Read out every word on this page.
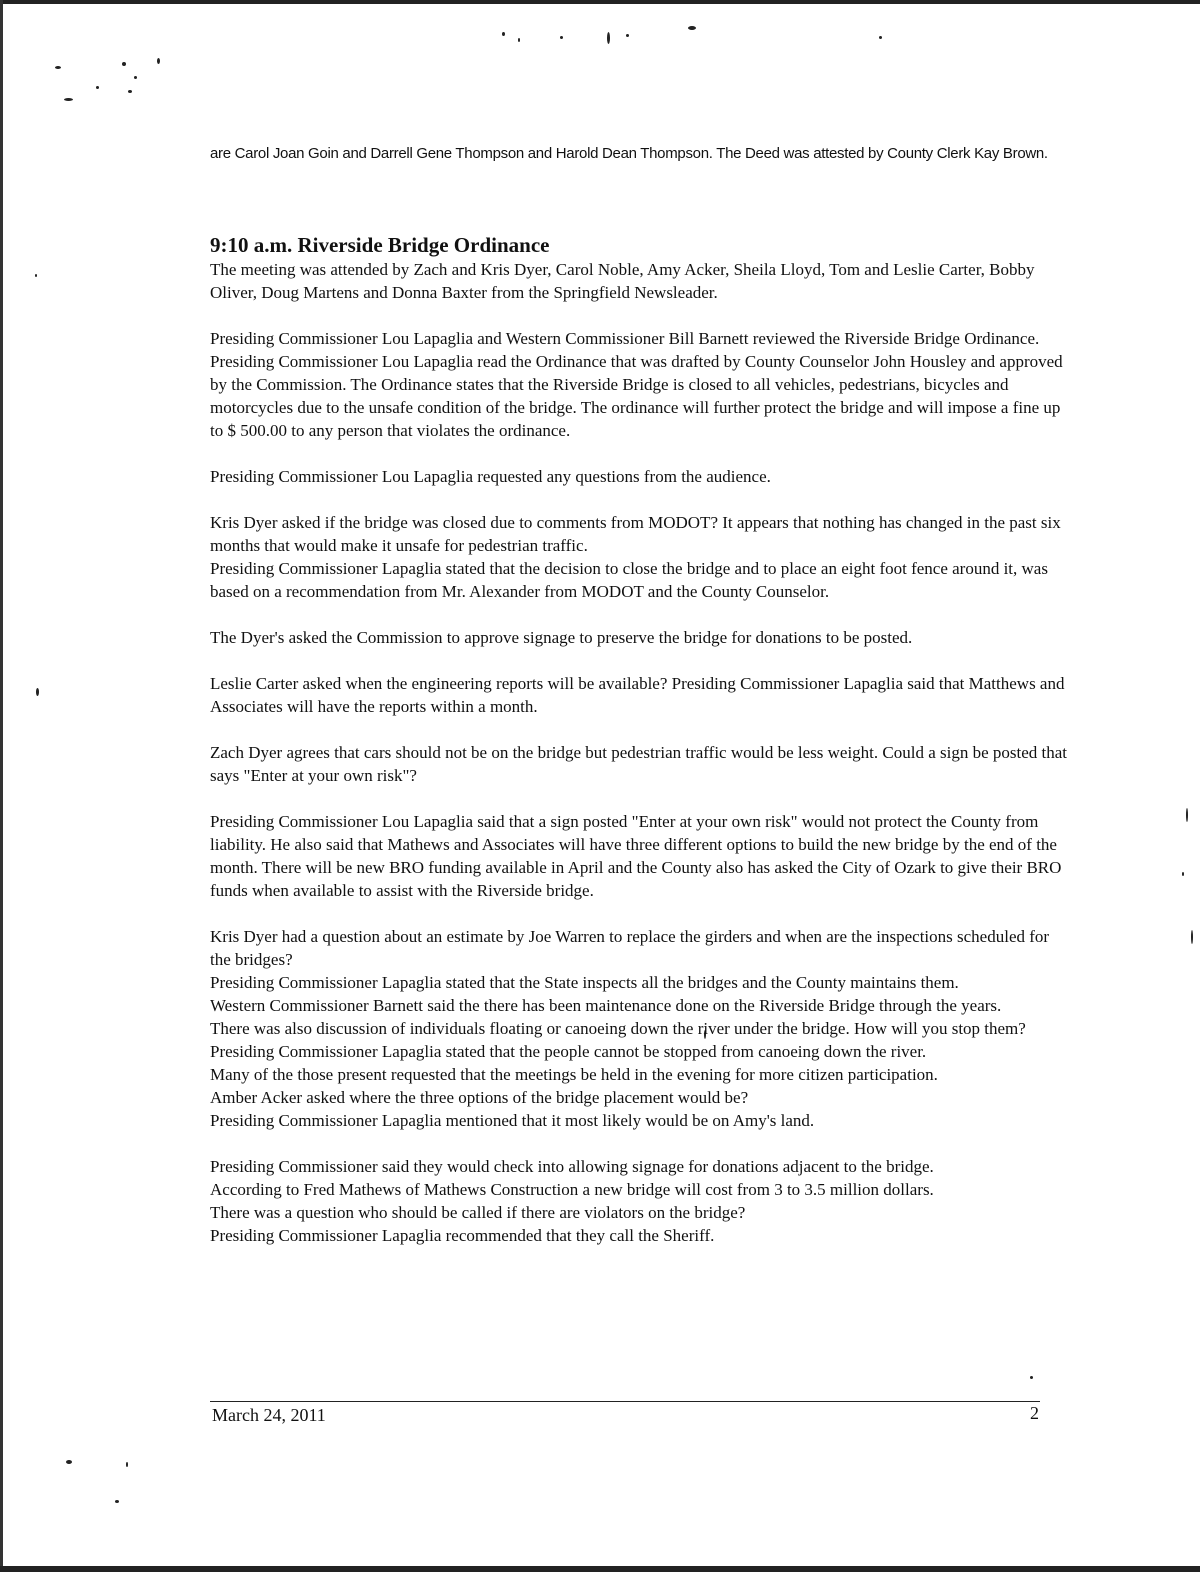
are Carol Joan Goin and Darrell Gene Thompson and Harold Dean Thompson. The Deed was attested by County Clerk Kay Brown.
9:10 a.m. Riverside Bridge Ordinance

The meeting was attended by Zach and Kris Dyer, Carol Noble, Amy Acker, Sheila Lloyd, Tom and Leslie Carter, Bobby Oliver, Doug Martens and Donna Baxter from the Springfield Newsleader.

Presiding Commissioner Lou Lapaglia and Western Commissioner Bill Barnett reviewed the Riverside Bridge Ordinance. Presiding Commissioner Lou Lapaglia read the Ordinance that was drafted by County Counselor John Housley and approved by the Commission. The Ordinance states that the Riverside Bridge is closed to all vehicles, pedestrians, bicycles and motorcycles due to the unsafe condition of the bridge. The ordinance will further protect the bridge and will impose a fine up to $ 500.00 to any person that violates the ordinance.

Presiding Commissioner Lou Lapaglia requested any questions from the audience.

Kris Dyer asked if the bridge was closed due to comments from MODOT? It appears that nothing has changed in the past six months that would make it unsafe for pedestrian traffic.

Presiding Commissioner Lapaglia stated that the decision to close the bridge and to place an eight foot fence around it, was based on a recommendation from Mr. Alexander from MODOT and the County Counselor.

The Dyer's asked the Commission to approve signage to preserve the bridge for donations to be posted.

Leslie Carter asked when the engineering reports will be available? Presiding Commissioner Lapaglia said that Matthews and Associates will have the reports within a month.

Zach Dyer agrees that cars should not be on the bridge but pedestrian traffic would be less weight. Could a sign be posted that says "Enter at your own risk"?

Presiding Commissioner Lou Lapaglia said that a sign posted "Enter at your own risk" would not protect the County from liability. He also said that Mathews and Associates will have three different options to build the new bridge by the end of the month. There will be new BRO funding available in April and the County also has asked the City of Ozark to give their BRO funds when available to assist with the Riverside bridge.

Kris Dyer had a question about an estimate by Joe Warren to replace the girders and when are the inspections scheduled for the bridges?

Presiding Commissioner Lapaglia stated that the State inspects all the bridges and the County maintains them.

Western Commissioner Barnett said the there has been maintenance done on the Riverside Bridge through the years.

There was also discussion of individuals floating or canoeing down the river under the bridge. How will you stop them?

Presiding Commissioner Lapaglia stated that the people cannot be stopped from canoeing down the river.

Many of the those present requested that the meetings be held in the evening for more citizen participation.

Amber Acker asked where the three options of the bridge placement would be?

Presiding Commissioner Lapaglia mentioned that it most likely would be on Amy's land.

Presiding Commissioner said they would check into allowing signage for donations adjacent to the bridge.

According to Fred Mathews of Mathews Construction a new bridge will cost from 3 to 3.5 million dollars.

There was a question who should be called if there are violators on the bridge?

Presiding Commissioner Lapaglia recommended that they call the Sheriff.

March 24, 2011	2
